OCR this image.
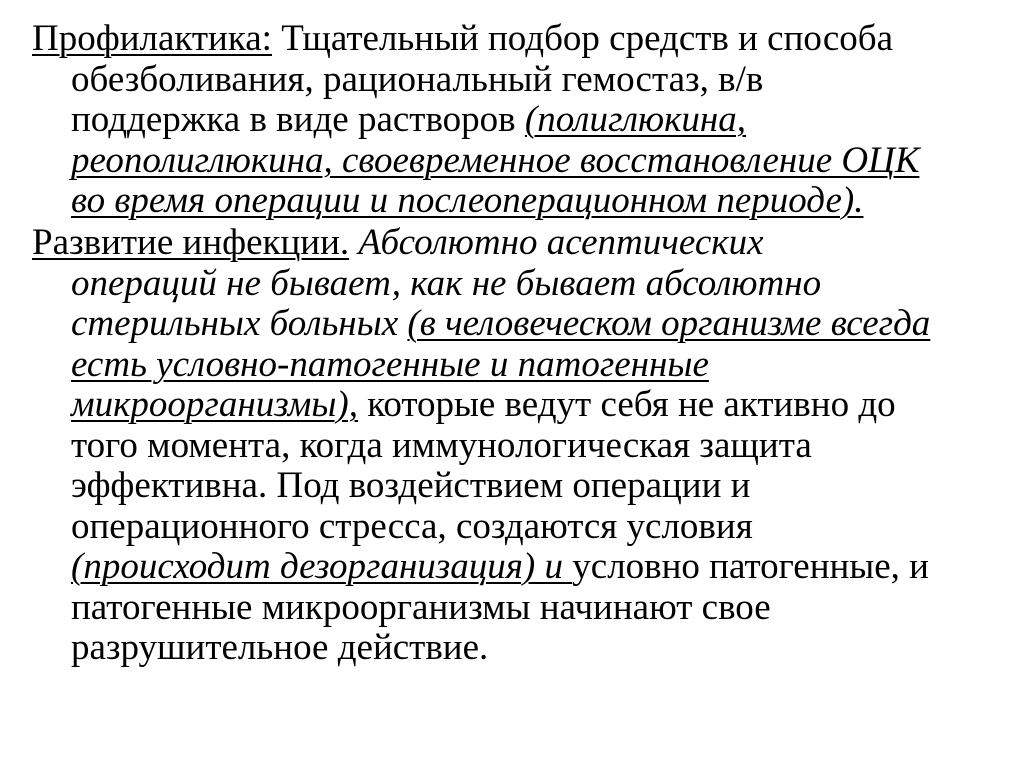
Профилактика: Тщательный подбор средств и способа
обезболивания, рациональный гемостаз, в/в
поддержка в виде растворов (полиглюкина,
реополиглюкина, своевременное восстановление ОЦК
во время операции и послеоперационном периоде).
Развитие инфекции. Абсолютно асептических
операций не бывает, как не бывает абсолютно
стерильных больных (в человеческом организме всегда
есть условно-патогенные и патогенные
микроорганизмы), которые ведут себя не активно до
того момента, когда иммунологическая защита
эффективна. Под воздействием операции и
операционного стресса, создаются условия
(происходит дезорганизация) и условно патогенные, и
патогенные микроорганизмы начинают свое
разрушительное действие.
